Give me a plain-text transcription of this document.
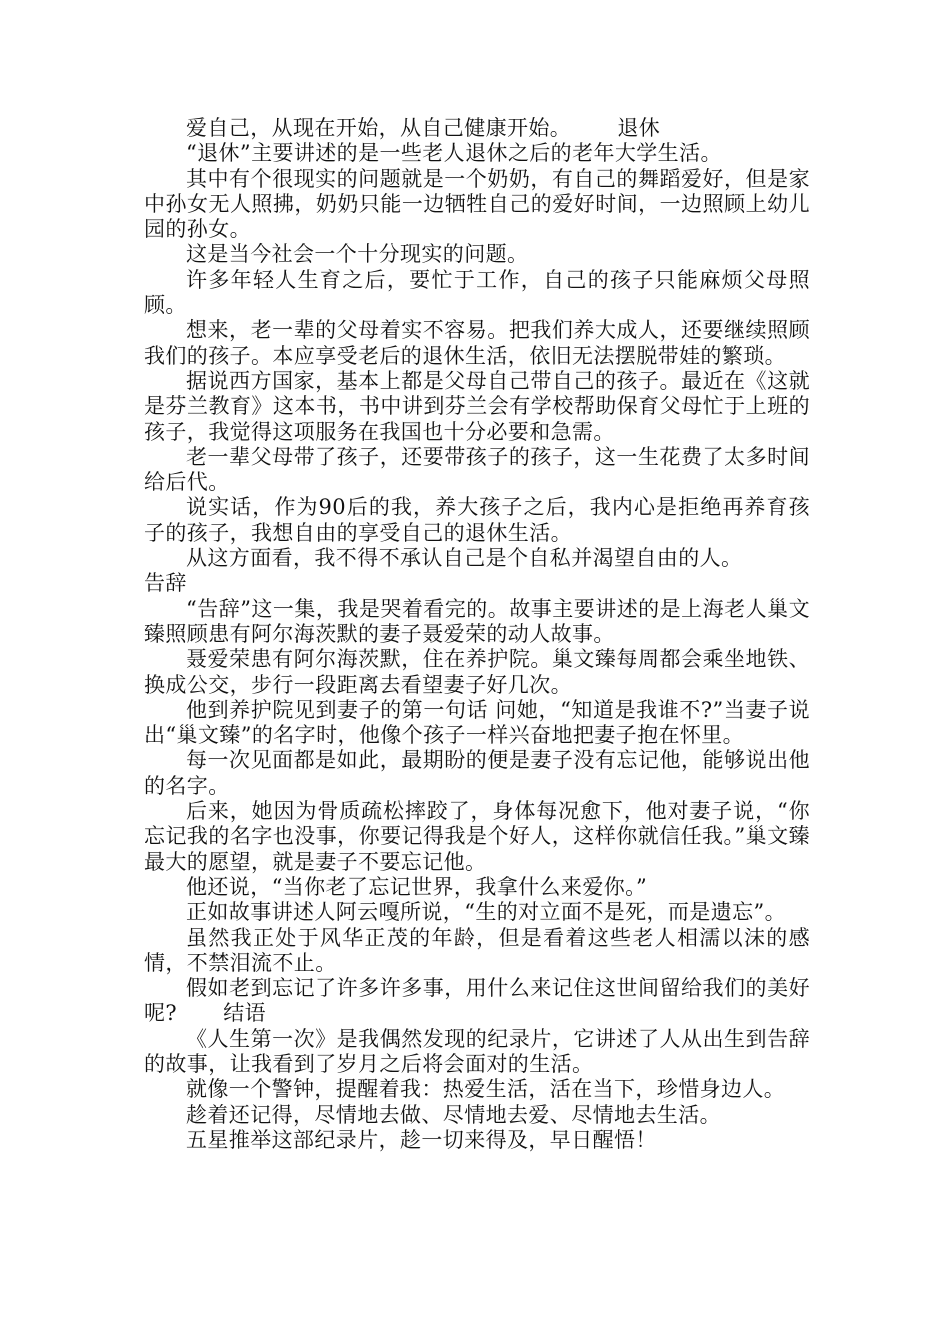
爱自己，从现在开始，从自己健康开始。 退休

“退休”主要讲述的是一些老人退休之后的老年大学生活。

其中有个很现实的问题就是一个奶奶，有自己的舞蹈爱好，但是家中孙女无人照拂，奶奶只能一边牺牲自己的爱好时间，一边照顾上幼儿园的孙女。

这是当今社会一个十分现实的问题。

许多年轻人生育之后，要忙于工作，自己的孩子只能麻烦父母照顾。

想来，老一辈的父母着实不容易。把我们养大成人，还要继续照顾我们的孩子。本应享受老后的退休生活，依旧无法摆脱带娃的繁琐。

据说西方国家，基本上都是父母自己带自己的孩子。最近在《这就是芬兰教育》这本书，书中讲到芬兰会有学校帮助保育父母忙于上班的孩子，我觉得这项服务在我国也十分必要和急需。

老一辈父母带了孩子，还要带孩子的孩子，这一生花费了太多时间给后代。

说实话，作为90后的我，养大孩子之后，我内心是拒绝再养育孩子的孩子，我想自由的享受自己的退休生活。

从这方面看，我不得不承认自己是个自私并渴望自由的人。

告辞

“告辞”这一集，我是哭着看完的。故事主要讲述的是上海老人巢文臻照顾患有阿尔海茨默的妻子聂爱荣的动人故事。

聂爱荣患有阿尔海茨默，住在养护院。巢文臻每周都会乘坐地铁、换成公交，步行一段距离去看望妻子好几次。

他到养护院见到妻子的第一句话 问她，“知道是我谁不?”当妻子说出“巢文臻”的名字时，他像个孩子一样兴奋地把妻子抱在怀里。

每一次见面都是如此，最期盼的便是妻子没有忘记他，能够说出他的名字。

后来，她因为骨质疏松摔跤了，身体每况愈下，他对妻子说，“你忘记我的名字也没事，你要记得我是个好人，这样你就信任我。”巢文臻最大的愿望，就是妻子不要忘记他。

他还说，“当你老了忘记世界，我拿什么来爱你。”

正如故事讲述人阿云嘎所说，“生的对立面不是死，而是遗忘”。

虽然我正处于风华正茂的年龄，但是看着这些老人相濡以沫的感情，不禁泪流不止。

假如老到忘记了许多许多事，用什么来记住这世间留给我们的美好呢? 结语

《人生第一次》是我偶然发现的纪录片，它讲述了人从出生到告辞的故事，让我看到了岁月之后将会面对的生活。

就像一个警钟，提醒着我：热爱生活，活在当下，珍惜身边人。

趁着还记得，尽情地去做、尽情地去爱、尽情地去生活。

五星推举这部纪录片，趁一切来得及，早日醒悟！
